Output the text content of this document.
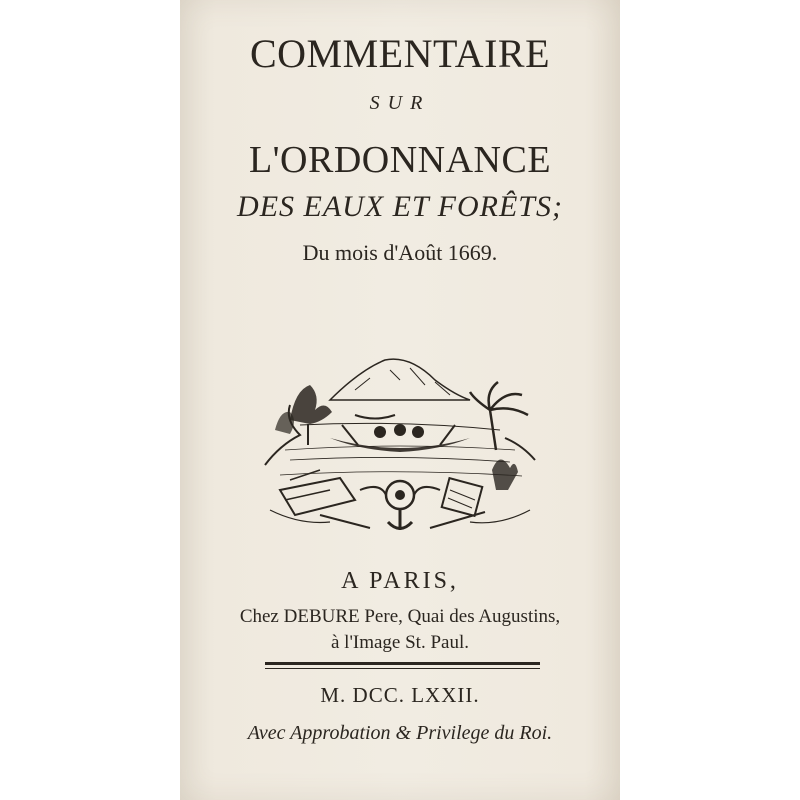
COMMENTAIRE
SUR
L'ORDONNANCE
DES EAUX ET FORÊTS;
Du mois d'Août 1669.
A PARIS,
Chez DEBURE Pere, Quai des Augustins,
à l'Image St. Paul.
M. DCC. LXXII.
Avec Approbation & Privilege du Roi.
